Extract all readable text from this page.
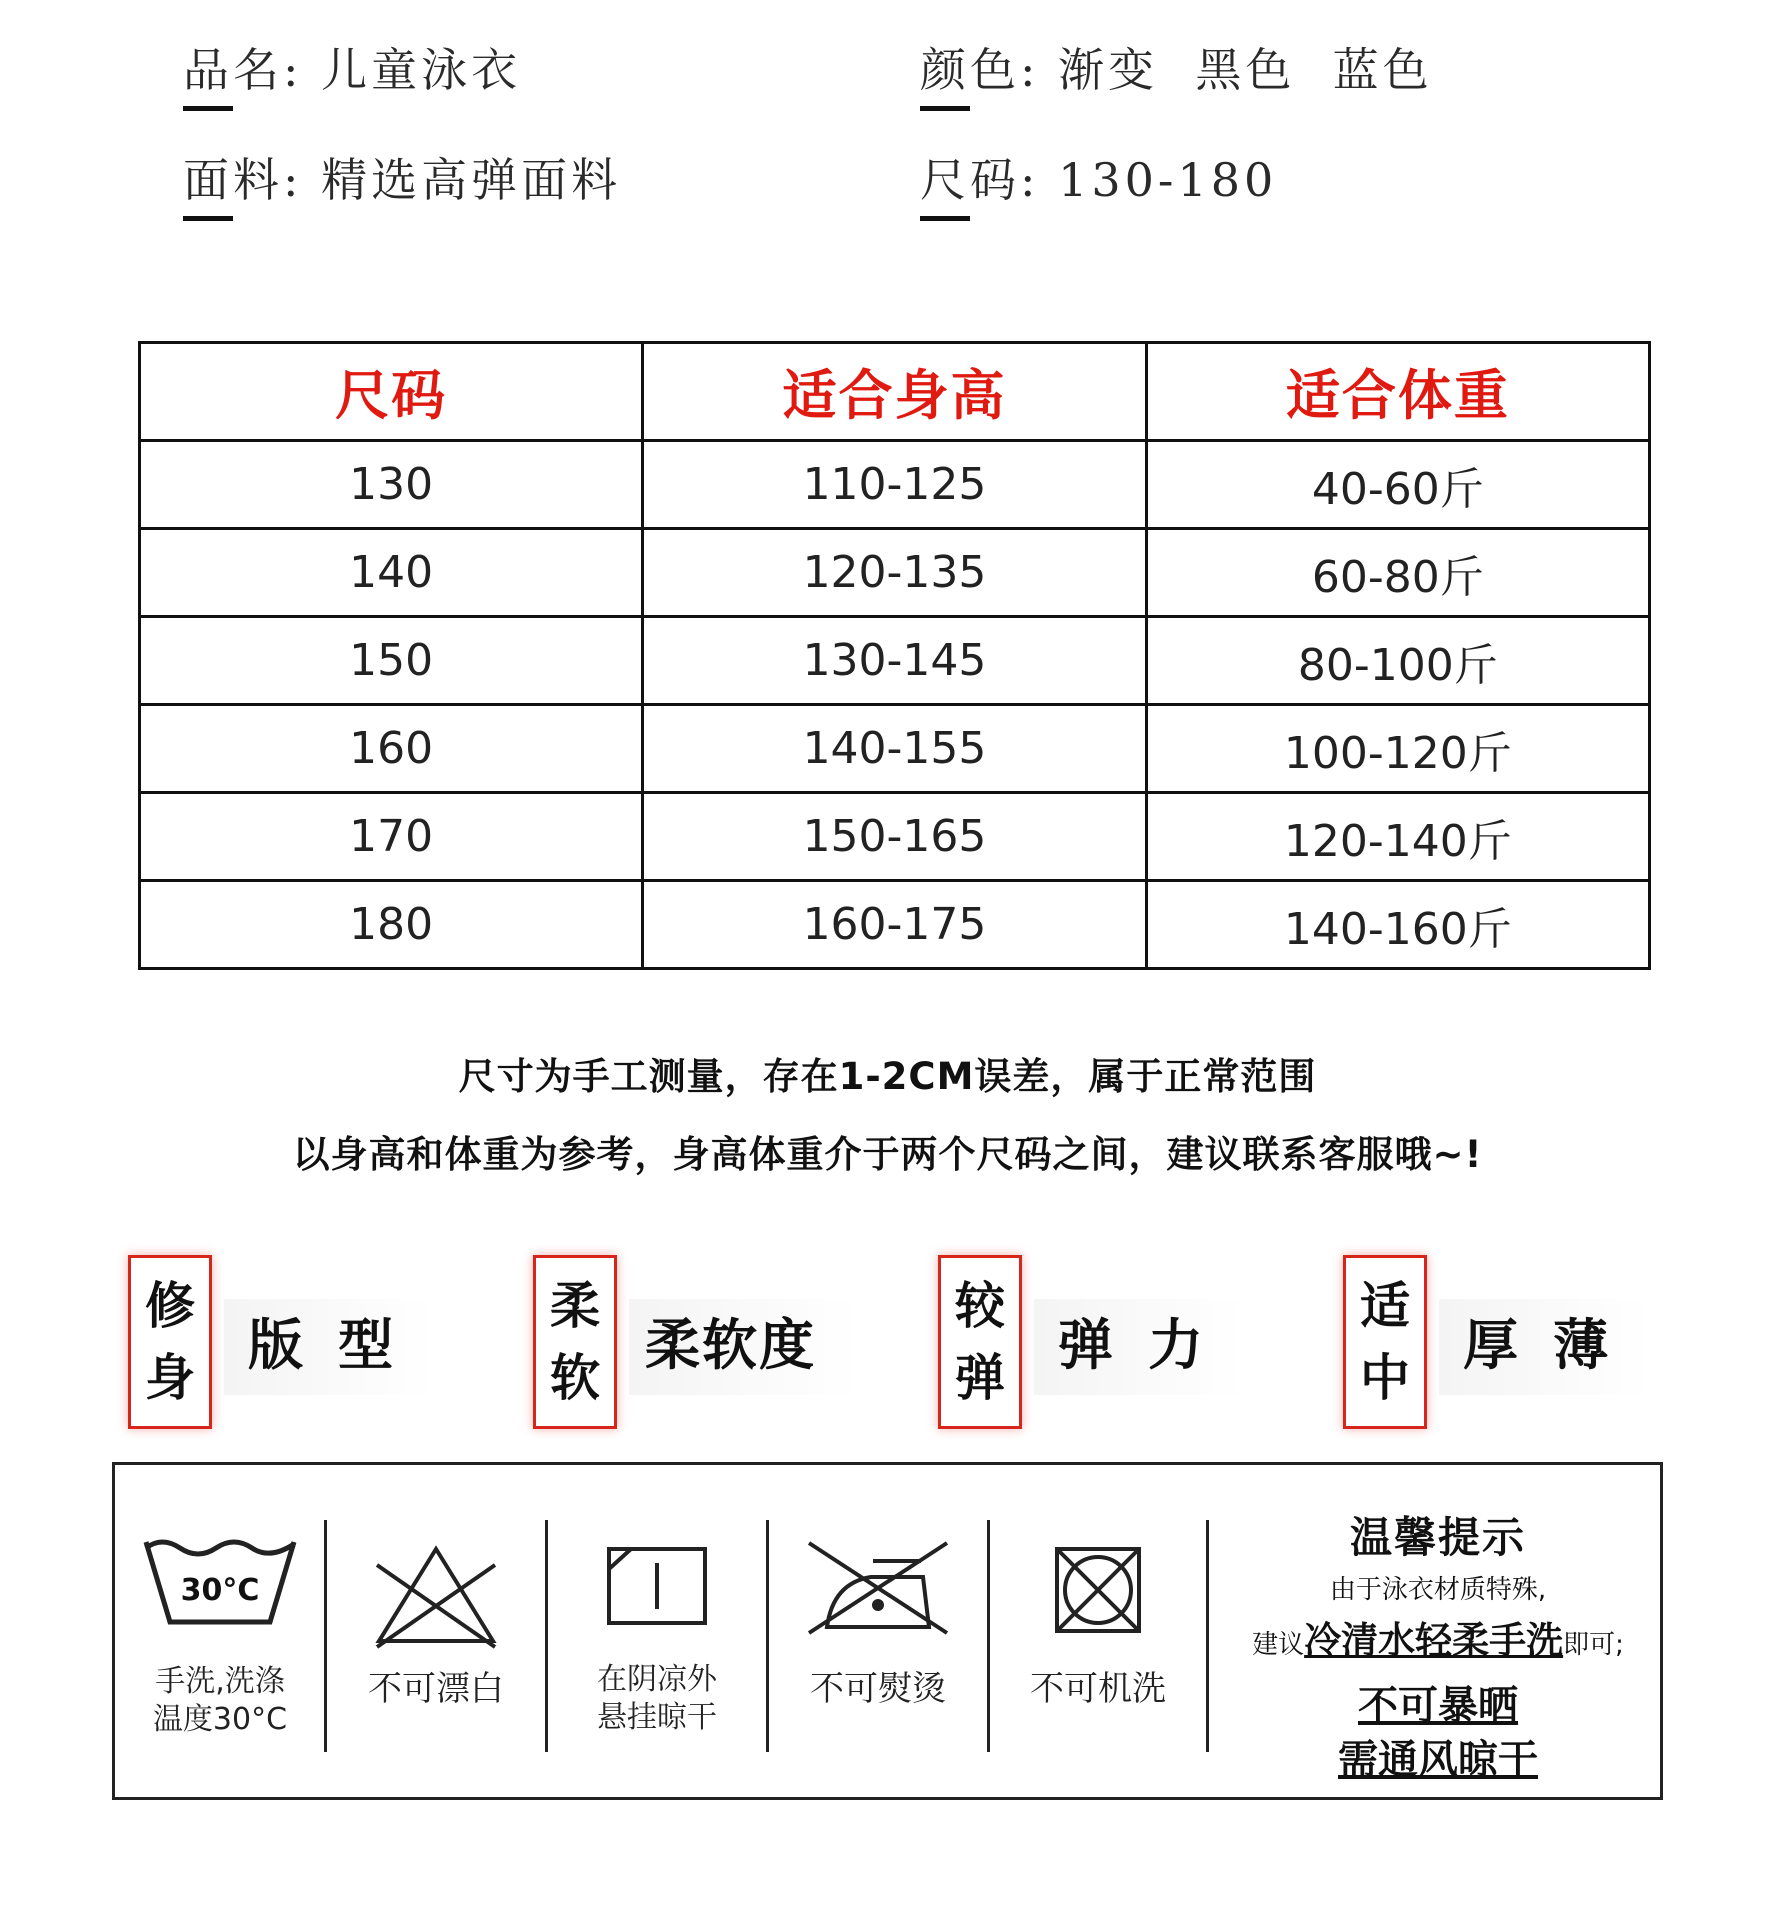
品名: 儿童泳衣	颜色: 渐变  黑色  蓝色
面料: 精选高弹面料	尺码: 130-180
尺码	适合身高	适合体重
130	110-125	40-60斤
140	120-135	60-80斤
150	130-145	80-100斤
160	140-155	100-120斤
170	150-165	120-140斤
180	160-175	140-160斤
尺寸为手工测量，存在1-2CM误差，属于正常范围
以身高和体重为参考，身高体重介于两个尺码之间，建议联系客服哦~!
修
身
版 型
柔
软
柔软度
较
弹
弹 力
适
中
厚 薄
30°C
手洗,洗涤
温度30°C
不可漂白	在阴凉外
悬挂晾干
不可熨烫	不可机洗
温馨提示
由于泳衣材质特殊,
建议冷清水轻柔手洗即可;
不可暴晒
需通风晾干
